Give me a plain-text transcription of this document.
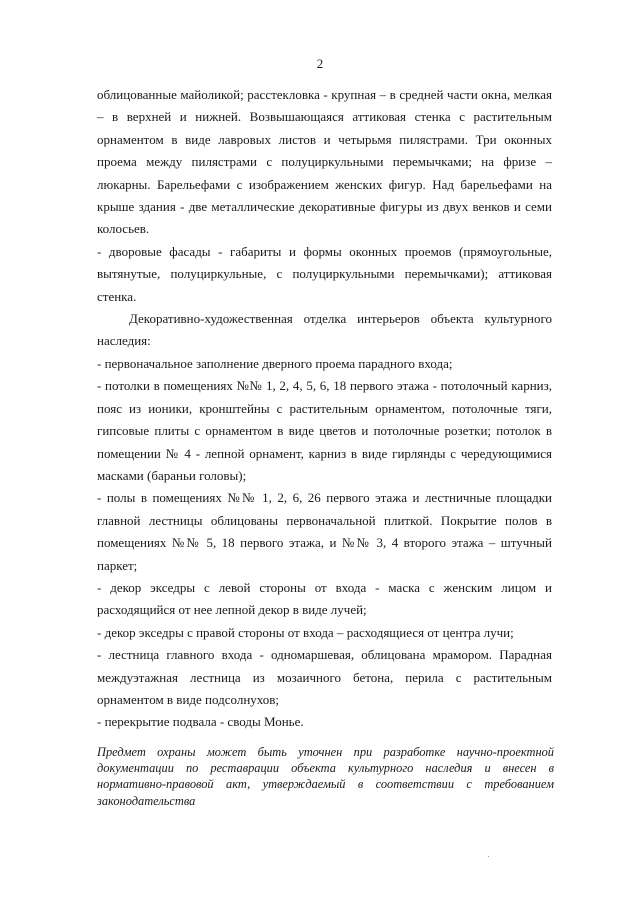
2

облицованные майоликой; расстекловка - крупная – в средней части окна, мелкая – в верхней и нижней. Возвышающаяся аттиковая стенка с растительным орнаментом в виде лавровых листов и четырьмя пилястрами. Три оконных проема между пилястрами с полуциркульными перемычками; на фризе – люкарны. Барельефами с изображением женских фигур. Над барельефами на крыше здания - две металлические декоративные фигуры из двух венков и семи колосьев.

- дворовые фасады - габариты и формы оконных проемов (прямоугольные, вытянутые, полуциркульные, с полуциркульными перемычками); аттиковая стенка.

Декоративно-художественная отделка интерьеров объекта культурного наследия:

- первоначальное заполнение дверного проема парадного входа;

- потолки в помещениях №№ 1, 2, 4, 5, 6, 18 первого этажа - потолочный карниз, пояс из ионики, кронштейны с растительным орнаментом, потолочные тяги, гипсовые плиты с орнаментом в виде цветов и потолочные розетки; потолок в помещении № 4 - лепной орнамент, карниз в виде гирлянды с чередующимися масками (бараньи головы);

- полы в помещениях №№ 1, 2, 6, 26 первого этажа и лестничные площадки главной лестницы облицованы первоначальной плиткой. Покрытие полов в помещениях №№ 5, 18 первого этажа, и №№ 3, 4 второго этажа – штучный паркет;

- декор экседры с левой стороны от входа - маска с женским лицом и расходящийся от нее лепной декор в виде лучей;

- декор экседры с правой стороны от входа – расходящиеся от центра лучи;

- лестница главного входа - одномаршевая, облицована мрамором. Парадная междуэтажная лестница из мозаичного бетона, перила с растительным орнаментом в виде подсолнухов;

- перекрытие подвала - своды Монье.

Предмет охраны может быть уточнен при разработке научно-проектной документации по реставрации объекта культурного наследия и внесен в нормативно-правовой акт, утверждаемый в соответствии с требованием законодательства
